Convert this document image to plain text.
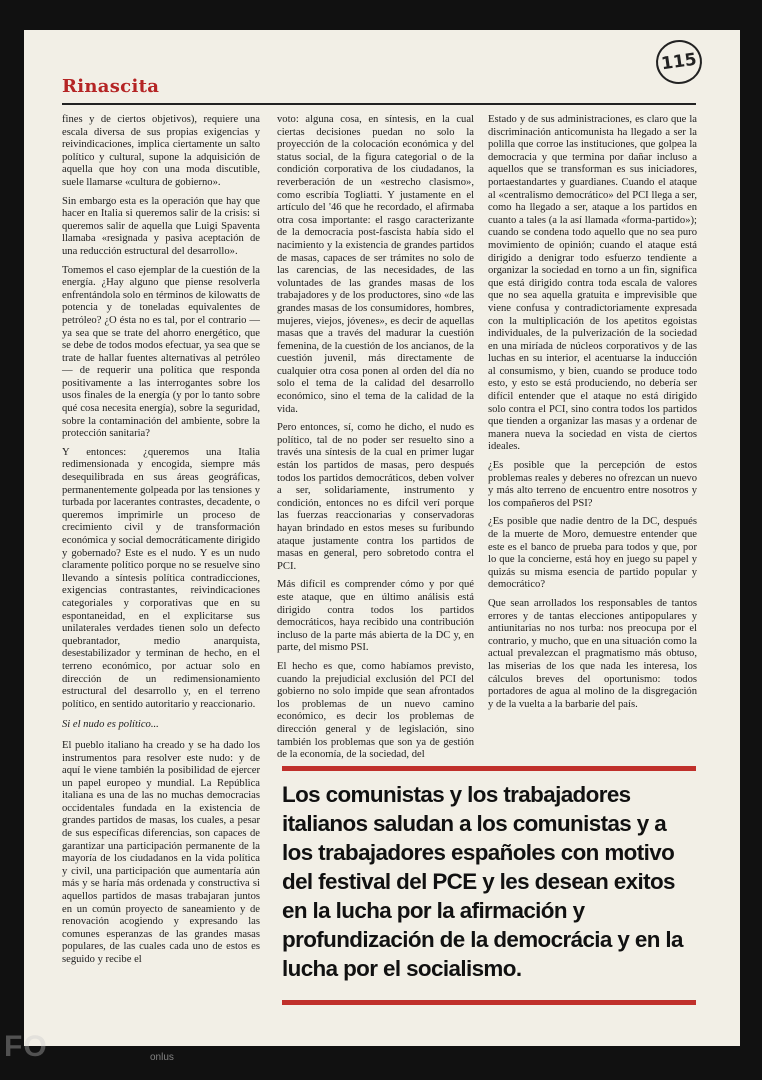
Rinascita
115

fines y de ciertos objetivos), requiere una escala diversa de sus propias exigencias y reivindicaciones, implica ciertamente un salto político y cultural, supone la adquisición de aquella que hoy con una moda discutible, suele llamarse «cultura de gobierno».

Sin embargo esta es la operación que hay que hacer en Italia si queremos salir de la crisis: si queremos salir de aquella que Luigi Spaventa llamaba «resignada y pasiva aceptación de una reducción estructural del desarrollo».

Tomemos el caso ejemplar de la cuestión de la energía. ¿Hay alguno que piense resolverla enfrentándola solo en términos de kilowatts de potencia y de toneladas equivalentes de petróleo? ¿O ésta no es tal, por el contrario — ya sea que se trate del ahorro energético, que se debe de todos modos efectuar, ya sea que se trate de hallar fuentes alternativas al petróleo — de requerir una política que responda positivamente a las interrogantes sobre los usos finales de la energía (y por lo tanto sobre qué cosa necesita energía), sobre la seguridad, sobre la contaminación del ambiente, sobre la protección sanitaria?

Y entonces: ¿queremos una Italia redimensionada y encogida, siempre más desequilibrada en sus áreas geográficas, permanentemente golpeada por las tensiones y turbada por lacerantes contrastes, decadente, o queremos imprimirle un proceso de crecimiento civil y de transformación económica y social democráticamente dirigido y gobernado? Este es el nudo. Y es un nudo claramente político porque no se resuelve sino llevando a síntesis política contradicciones, exigencias contrastantes, reivindicaciones categoriales y corporativas que en su espontaneidad, en el explicitarse sus unilaterales verdades tienen solo un defecto quebrantador, medio anarquista, desestabilizador y terminan de hecho, en el terreno económico, por actuar solo en dirección de un redimensionamiento estructural del desarrollo y, en el terreno político, en sentido autoritario y reaccionario.

Si el nudo es político...

El pueblo italiano ha creado y se ha dado los instrumentos para resolver este nudo: y de aquí le viene también la posibilidad de ejercer un papel europeo y mundial. La República italiana es una de las no muchas democracias occidentales fundada en la existencia de grandes partidos de masas, los cuales, a pesar de sus específicas diferencias, son capaces de garantizar una participación permanente de la mayoría de los ciudadanos en la vida política y civil, una participación que aumentaría aún más y se haría más ordenada y constructiva si aquellos partidos de masas trabajaran juntos en un común proyecto de saneamiento y de renovación acogiendo y expresando las comunes esperanzas de las grandes masas populares, de las cuales cada uno de estos es seguido y recibe el

voto: alguna cosa, en síntesis, en la cual ciertas decisiones puedan no solo la proyección de la colocación económica y del status social, de la figura categorial o de la condición corporativa de los ciudadanos, la reverberación de un «estrecho clasismo», como escribía Togliatti. Y justamente en el artículo del '46 que he recordado, el afirmaba otra cosa importante: el rasgo caracterizante de la democracia post-fascista había sido el nacimiento y la existencia de grandes partidos de masas, capaces de ser trámites no solo de las carencias, de las necesidades, de las voluntades de las grandes masas de los trabajadores y de los productores, sino «de las grandes masas de los consumidores, hombres, mujeres, viejos, jóvenes», es decir de aquellas masas que a través del madurar la cuestión femenina, de la cuestión de los ancianos, de la cuestión juvenil, más directamente de cualquier otra cosa ponen al orden del día no solo el tema de la calidad del desarrollo económico, sino el tema de la calidad de la vida.

Pero entonces, sí, como he dicho, el nudo es político, tal de no poder ser resuelto sino a través una síntesis de la cual en primer lugar están los partidos de masas, pero después todos los partidos democráticos, deben volver a ser, solidariamente, instrumento y condición, entonces no es difcil verí porque las fuerzas reaccionarias y conservadoras hayan brindado en estos meses su furibundo ataque justamente contra los partidos de masas en general, pero sobretodo contra el PCI.

Más difícil es comprender cómo y por qué este ataque, que en último análisis está dirigido contra todos los partidos democráticos, haya recibido una contribución incluso de la parte más abierta de la DC y, en parte, del mismo PSI.

El hecho es que, como habíamos previsto, cuando la prejudicial exclusión del PCI del gobierno no solo impide que sean afrontados los problemas de un nuevo camino económico, es decir los problemas de dirección general y de legislación, sino también los problemas que son ya de gestión de la economía, de la sociedad, del

Estado y de sus administraciones, es claro que la discriminación anticomunista ha llegado a ser la polilla que corroe las instituciones, que golpea la democracia y que termina por dañar incluso a aquellos que se transforman es sus iniciadores, portaestandartes y guardianes. Cuando el ataque al «centralismo democrático» del PCI llega a ser, como ha llegado a ser, ataque a los partidos en cuanto a tales (a la así llamada «forma-partido»); cuando se condena todo aquello que no sea puro movimiento de opinión; cuando el ataque está dirigido a denigrar todo esfuerzo tendiente a organizar la sociedad en torno a un fin, significa que está dirigido contra toda escala de valores que no sea aquella gratuita e imprevisible que viene confusa y contradictoriamente expresada con la multiplicación de los apetitos egoistas individuales, de la pulverización de la sociedad en una miríada de núcleos corporativos y de las luchas en su interior, el acentuarse la inducción al consumismo, y bien, cuando se produce todo esto, y esto se está produciendo, no debería ser difícil entender que el ataque no está dirigido solo contra el PCI, sino contra todos los partidos que tienden a organizar las masas y a ordenar de manera nueva la sociedad en vista de ciertos ideales.

¿Es posible que la percepción de estos problemas reales y deberes no ofrezcan un nuevo y más alto terreno de encuentro entre nosotros y los compañeros del PSI?

¿Es posible que nadie dentro de la DC, después de la muerte de Moro, demuestre entender que este es el banco de prueba para todos y que, por lo que la concierne, está hoy en juego su papel y quizás su misma esencia de partido popular y democrático?

Que sean arrollados los responsables de tantos errores y de tantas elecciones antipopulares y antiunitarias no nos turba: nos preocupa por el contrario, y mucho, que en una situación como la actual prevalezcan el pragmatismo más obtuso, las miserias de los que nada les interesa, los cálculos breves del oportunismo: todos portadores de agua al molino de la disgregación y de la vuelta a la barbarie del país.

Los comunistas y los trabajadores italianos saludan a los comunistas y a los trabajadores españoles con motivo del festival del PCE y les desean exitos en la lucha por la afirmación y profundización de la democrácia y en la lucha por el socialismo.
FO	onlus
